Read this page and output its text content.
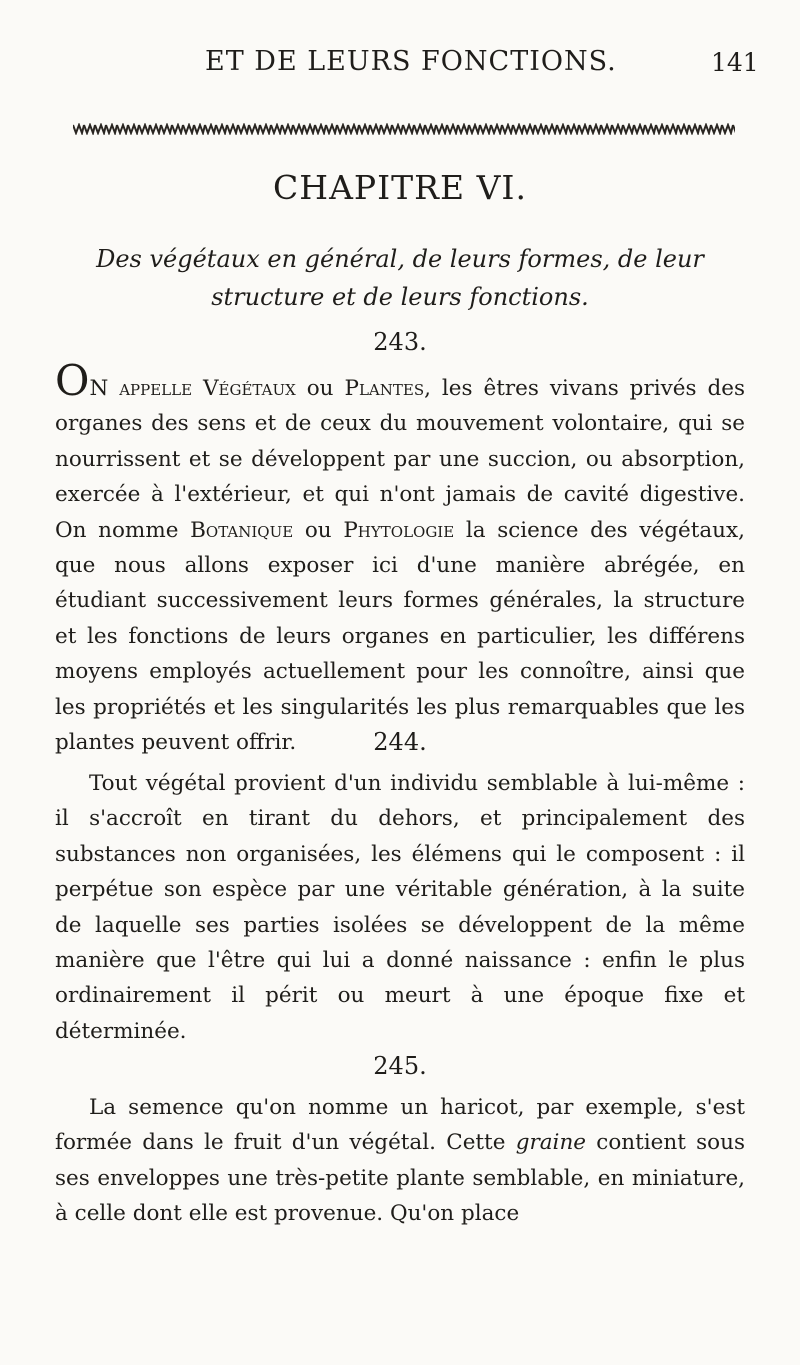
ET DE LEURS FONCTIONS.	141
CHAPITRE VI.
Des végétaux en général, de leurs formes, de leur
structure et de leurs fonctions.
243.

ON appelle Végétaux ou Plantes, les êtres vivans privés des organes des sens et de ceux du mouvement volontaire, qui se nourrissent et se développent par une succion, ou absorption, exercée à l'extérieur, et qui n'ont jamais de cavité digestive. On nomme Botanique ou Phytologie la science des végétaux, que nous allons exposer ici d'une manière abrégée, en étudiant successivement leurs formes générales, la structure et les fonctions de leurs organes en particulier, les différens moyens employés actuellement pour les connoître, ainsi que les propriétés et les singularités les plus remarquables que les plantes peuvent offrir.	244.

Tout végétal provient d'un individu semblable à lui-même : il s'accroît en tirant du dehors, et principalement des substances non organisées, les élémens qui le composent : il perpétue son espèce par une véritable génération, à la suite de laquelle ses parties isolées se développent de la même manière que l'être qui lui a donné naissance : enfin le plus ordinairement il périt ou meurt à une époque fixe et déterminée.

245.

La semence qu'on nomme un haricot, par exemple, s'est formée dans le fruit d'un végétal. Cette graine contient sous ses enveloppes une très-petite plante semblable, en miniature, à celle dont elle est provenue. Qu'on place
